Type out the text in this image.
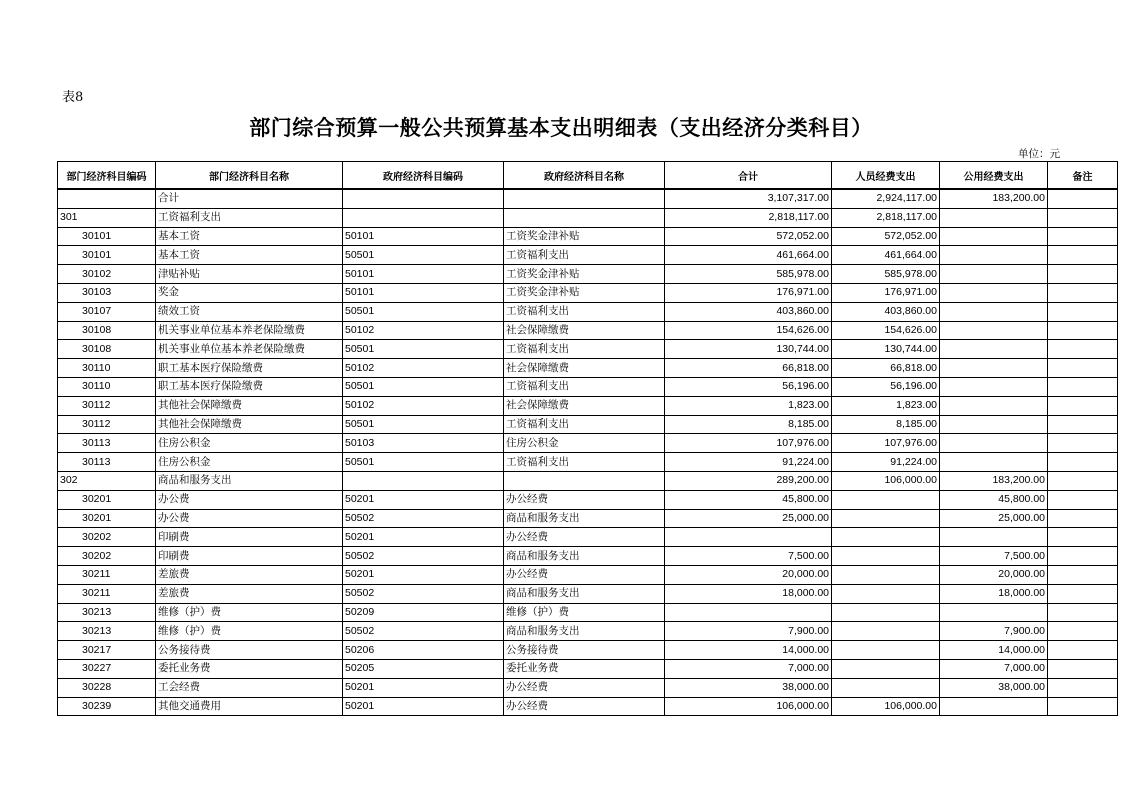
表8
部门综合预算一般公共预算基本支出明细表（支出经济分类科目）
单位：元
部门经济科目编码	部门经济科目名称	政府经济科目编码	政府经济科目名称	合计	人员经费支出	公用经费支出	备注
	合计			3,107,317.00	2,924,117.00	183,200.00	
301	工资福利支出			2,818,117.00	2,818,117.00		
30101	基本工资	50101	工资奖金津补贴	572,052.00	572,052.00		
30101	基本工资	50501	工资福利支出	461,664.00	461,664.00		
30102	津贴补贴	50101	工资奖金津补贴	585,978.00	585,978.00		
30103	奖金	50101	工资奖金津补贴	176,971.00	176,971.00		
30107	绩效工资	50501	工资福利支出	403,860.00	403,860.00		
30108	机关事业单位基本养老保险缴费	50102	社会保障缴费	154,626.00	154,626.00		
30108	机关事业单位基本养老保险缴费	50501	工资福利支出	130,744.00	130,744.00		
30110	职工基本医疗保险缴费	50102	社会保障缴费	66,818.00	66,818.00		
30110	职工基本医疗保险缴费	50501	工资福利支出	56,196.00	56,196.00		
30112	其他社会保障缴费	50102	社会保障缴费	1,823.00	1,823.00		
30112	其他社会保障缴费	50501	工资福利支出	8,185.00	8,185.00		
30113	住房公积金	50103	住房公积金	107,976.00	107,976.00		
30113	住房公积金	50501	工资福利支出	91,224.00	91,224.00		
302	商品和服务支出			289,200.00	106,000.00	183,200.00	
30201	办公费	50201	办公经费	45,800.00		45,800.00	
30201	办公费	50502	商品和服务支出	25,000.00		25,000.00	
30202	印刷费	50201	办公经费				
30202	印刷费	50502	商品和服务支出	7,500.00		7,500.00	
30211	差旅费	50201	办公经费	20,000.00		20,000.00	
30211	差旅费	50502	商品和服务支出	18,000.00		18,000.00	
30213	维修（护）费	50209	维修（护）费				
30213	维修（护）费	50502	商品和服务支出	7,900.00		7,900.00	
30217	公务接待费	50206	公务接待费	14,000.00		14,000.00	
30227	委托业务费	50205	委托业务费	7,000.00		7,000.00	
30228	工会经费	50201	办公经费	38,000.00		38,000.00	
30239	其他交通费用	50201	办公经费	106,000.00	106,000.00		
